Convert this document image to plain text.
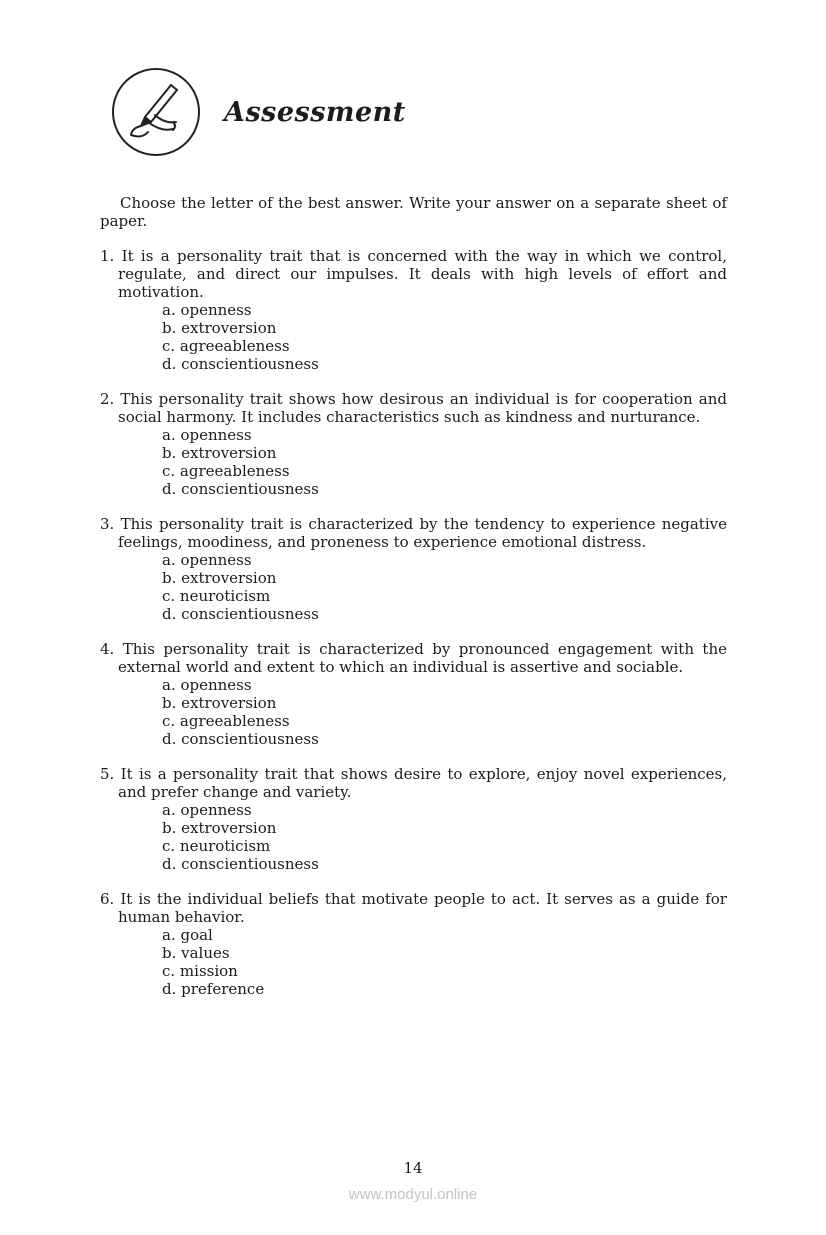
Assessment

Choose the letter of the best answer. Write your answer on a separate sheet of paper.

1. It is a personality trait that is concerned with the way in which we control, regulate, and direct our impulses. It deals with high levels of effort and motivation.
a. openness
b. extroversion
c. agreeableness
d. conscientiousness
2. This personality trait shows how desirous an individual is for cooperation and social harmony. It includes characteristics such as kindness and nurturance.
a. openness
b. extroversion
c. agreeableness
d. conscientiousness
3. This personality trait is characterized by the tendency to experience negative feelings, moodiness, and proneness to experience emotional distress.
a. openness
b. extroversion
c. neuroticism
d. conscientiousness
4. This personality trait is characterized by pronounced engagement with the external world and extent to which an individual is assertive and sociable.
a. openness
b. extroversion
c. agreeableness
d. conscientiousness
5. It is a personality trait that shows desire to explore, enjoy novel experiences, and prefer change and variety.
a. openness
b. extroversion
c. neuroticism
d. conscientiousness
6. It is the individual beliefs that motivate people to act. It serves as a guide for human behavior.
a. goal
b. values
c. mission
d. preference
14
www.modyul.online
